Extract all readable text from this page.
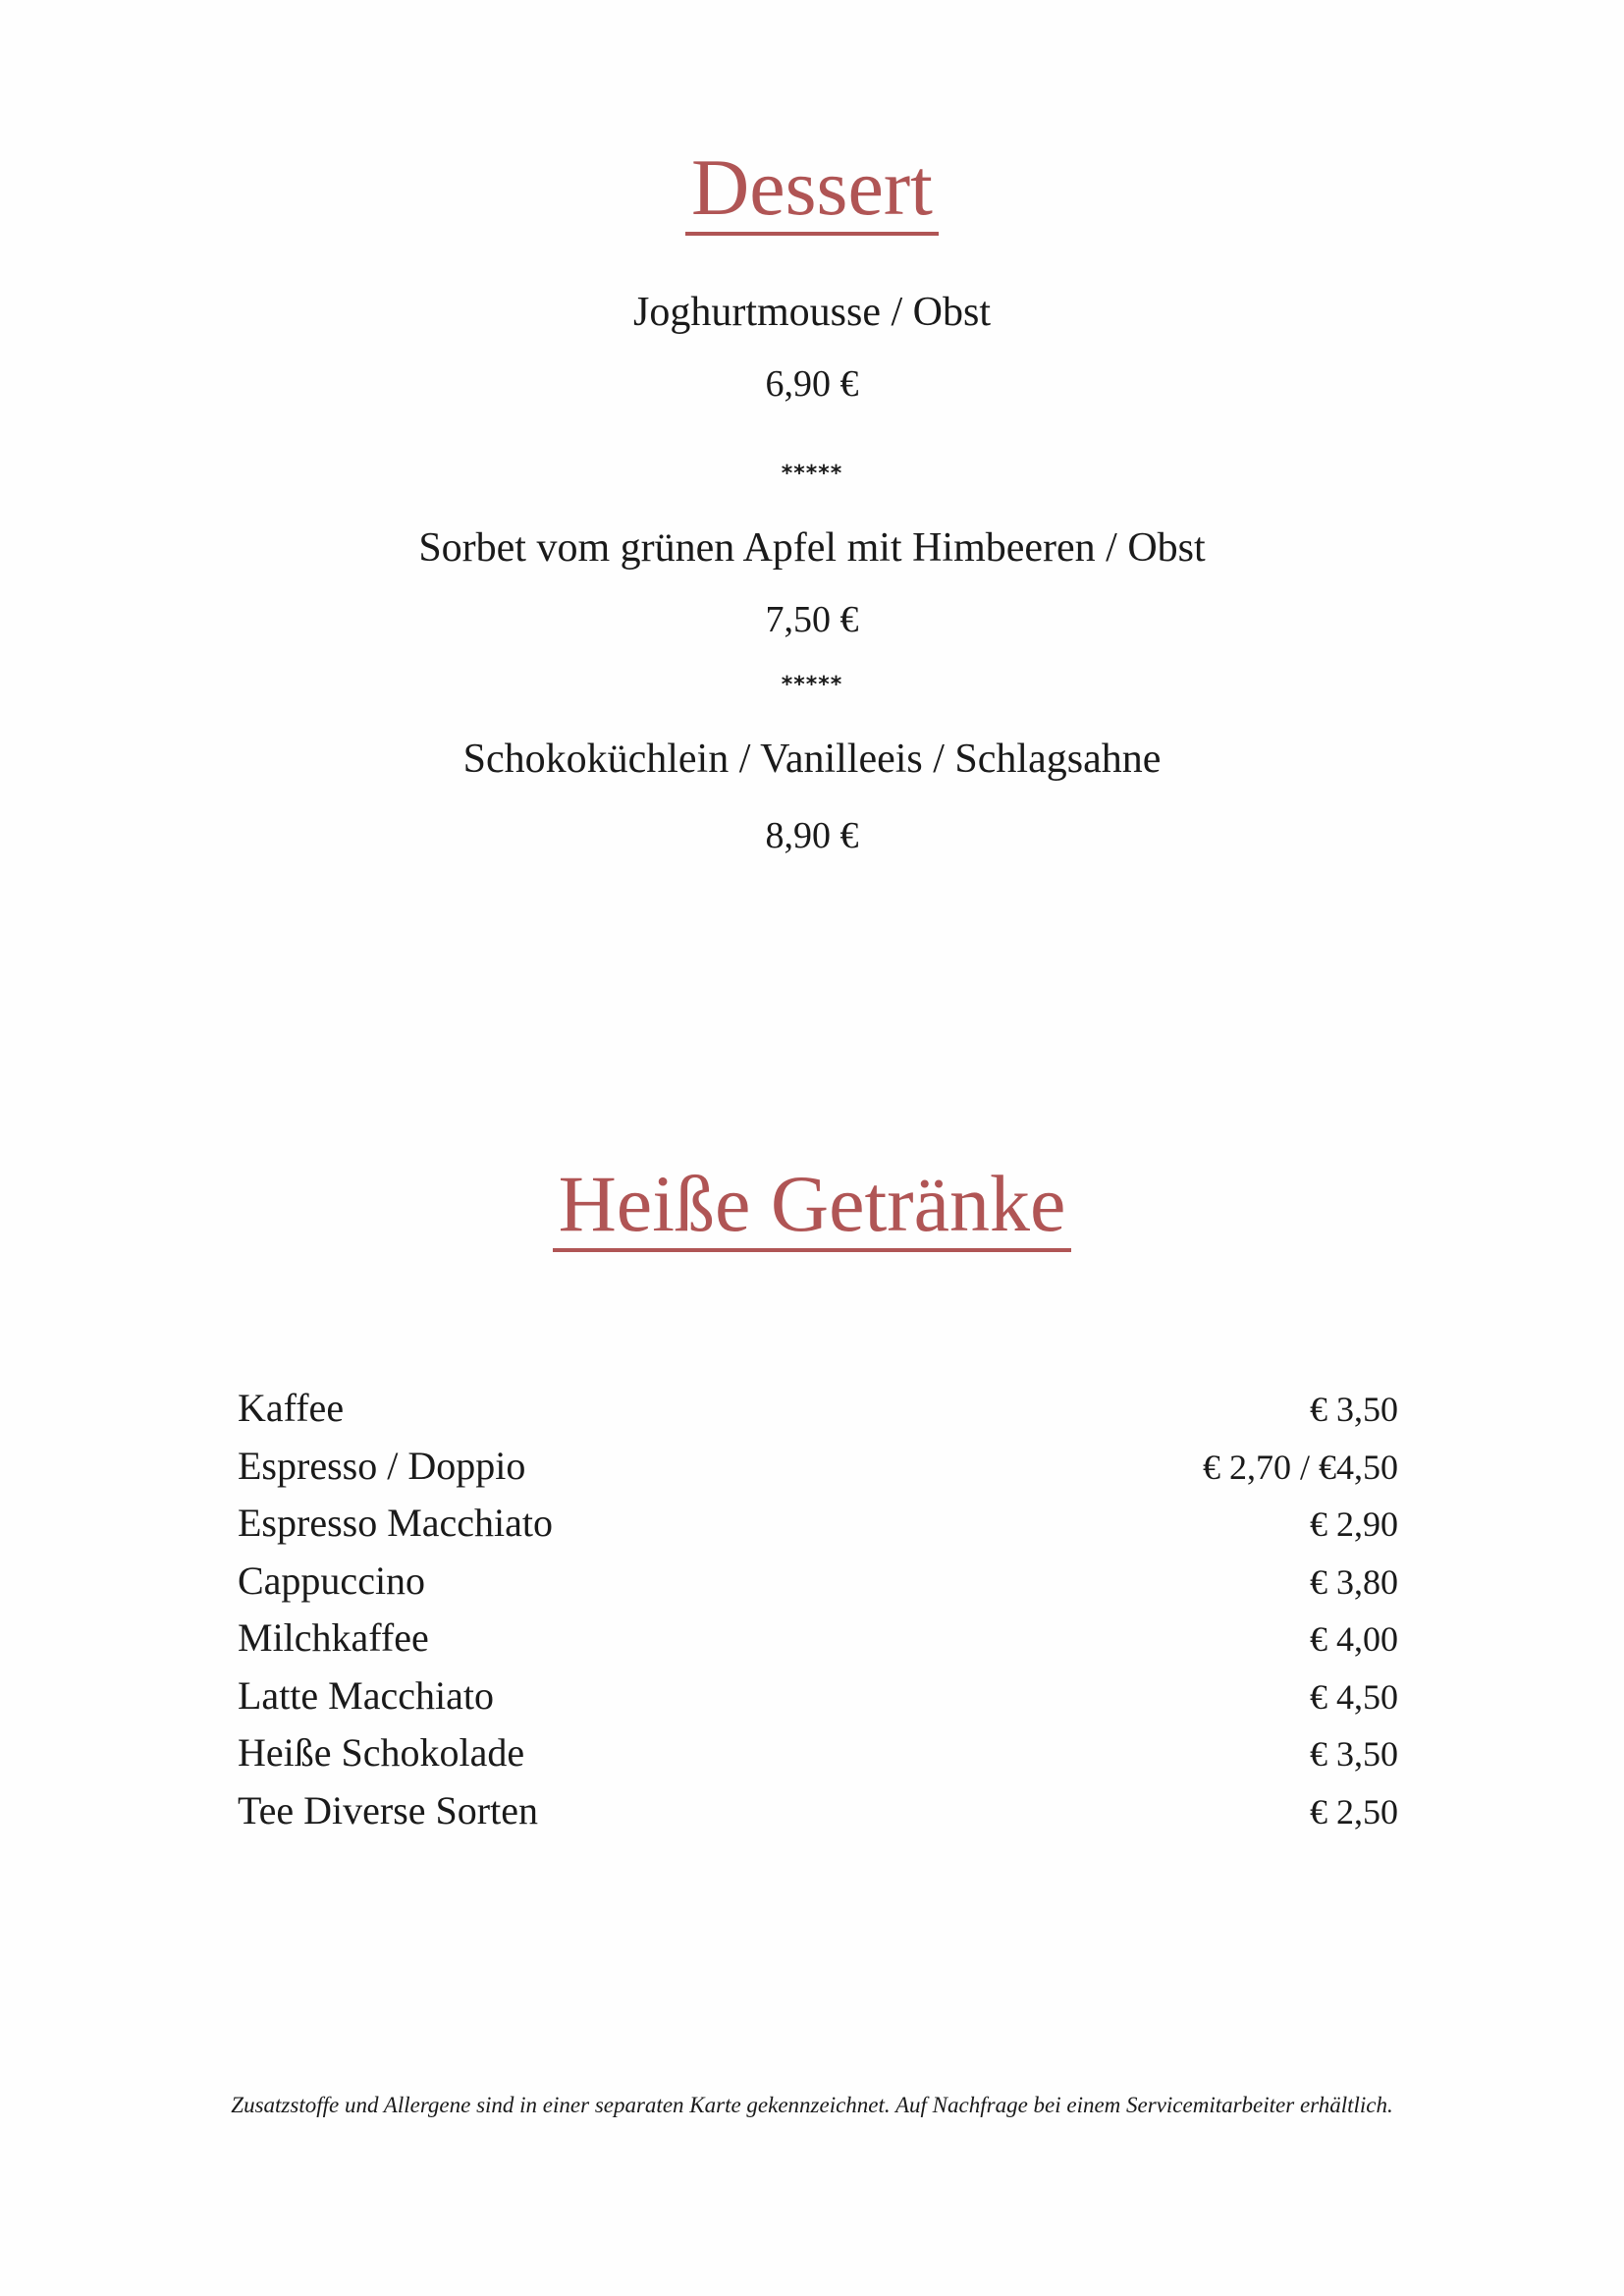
Dessert
Joghurtmousse / Obst
6,90 €
*****
Sorbet vom grünen Apfel mit Himbeeren / Obst
7,50 €
*****
Schokoküchlein / Vanilleeis / Schlagsahne
8,90 €
Heiße Getränke
Kaffee	€ 3,50
Espresso / Doppio	€ 2,70 / €4,50
Espresso Macchiato	€ 2,90
Cappuccino	€ 3,80
Milchkaffee	€ 4,00
Latte Macchiato	€ 4,50
Heiße Schokolade	€ 3,50
Tee Diverse Sorten	€ 2,50
Zusatzstoffe und Allergene sind in einer separaten Karte gekennzeichnet. Auf Nachfrage bei einem Servicemitarbeiter erhältlich.
